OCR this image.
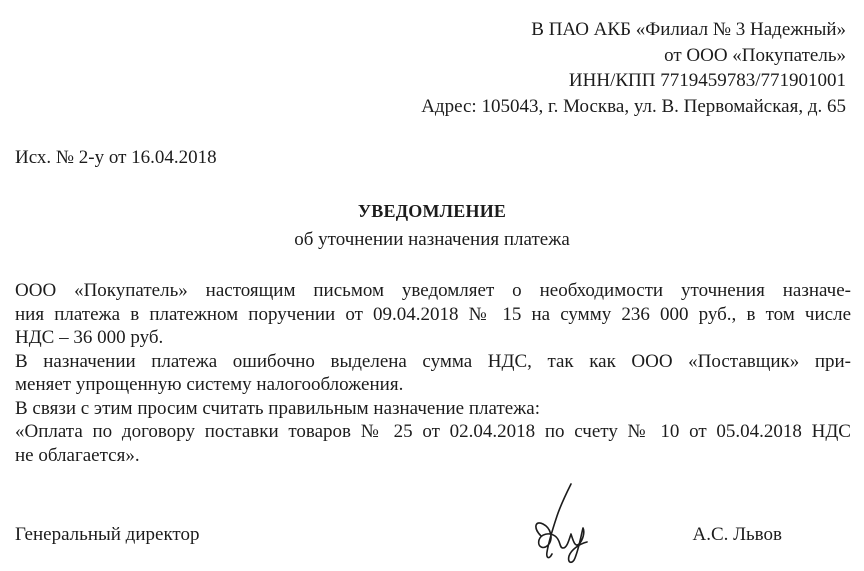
В ПАО АКБ «Филиал № 3 Надежный»
от ООО «Покупатель»
ИНН/КПП 7719459783/771901001
Адрес: 105043, г. Москва, ул. В. Первомайская, д. 65
Исх. № 2-у от 16.04.2018
УВЕДОМЛЕНИЕ
об уточнении назначения платежа
ООО «Покупатель» настоящим письмом уведомляет о необходимости уточнения назначе-
ния платежа в платежном поручении от 09.04.2018 № 15 на сумму 236 000 руб., в том числе
НДС – 36 000 руб.
В назначении платежа ошибочно выделена сумма НДС, так как ООО «Поставщик» при-
меняет упрощенную систему налогообложения.
В связи с этим просим считать правильным назначение платежа:
«Оплата по договору поставки товаров № 25 от 02.04.2018 по счету № 10 от 05.04.2018 НДС
не облагается».
Генеральный директор	А.С. Львов
